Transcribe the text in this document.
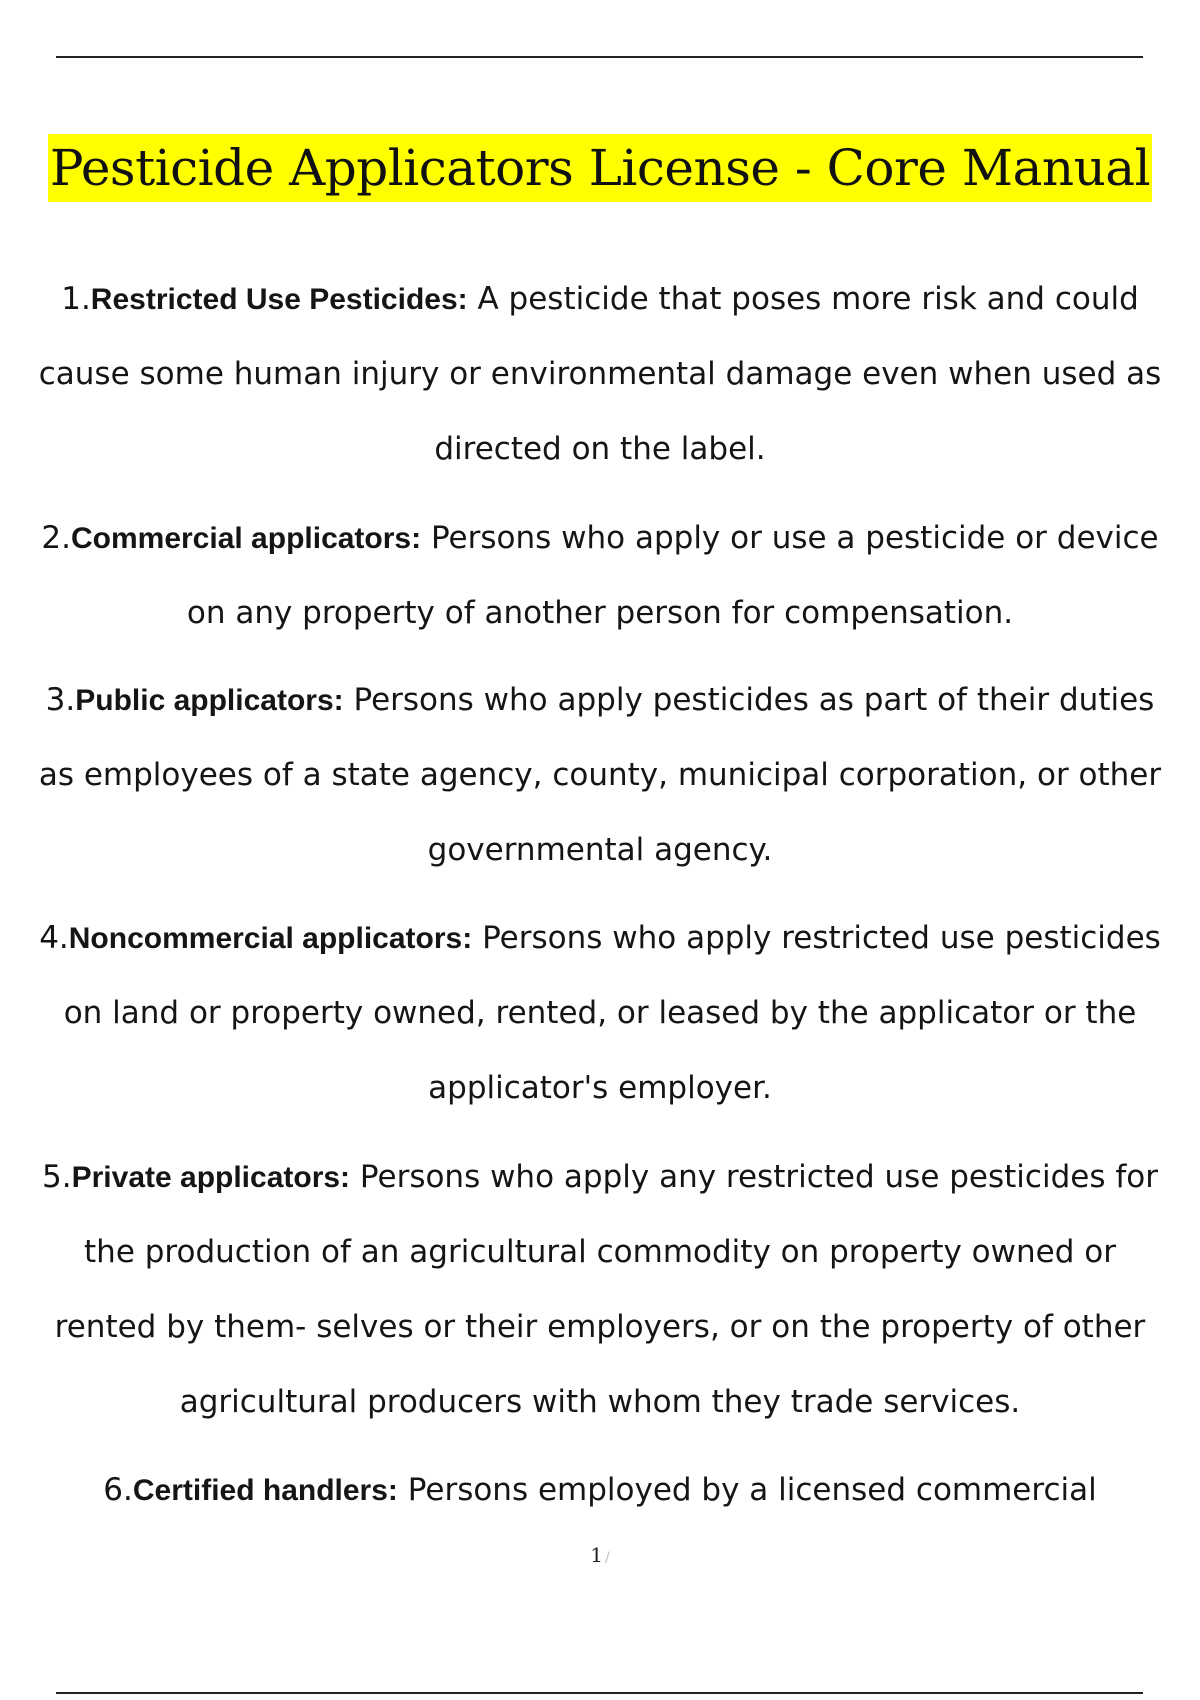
Pesticide Applicators License - Core Manual
1.Restricted Use Pesticides: A pesticide that poses more risk and could cause some human injury or environmental damage even when used as directed on the label.
2.Commercial applicators: Persons who apply or use a pesticide or device on any property of another person for compensation.
3.Public applicators: Persons who apply pesticides as part of their duties as employees of a state agency, county, municipal corporation, or other governmental agency.
4.Noncommercial applicators: Persons who apply restricted use pesticides on land or property owned, rented, or leased by the applicator or the applicator's employer.
5.Private applicators: Persons who apply any restricted use pesticides for the production of an agricultural commodity on property owned or rented by them- selves or their employers, or on the property of other agricultural producers with whom they trade services.
6.Certified handlers: Persons employed by a licensed commercial
1 /
